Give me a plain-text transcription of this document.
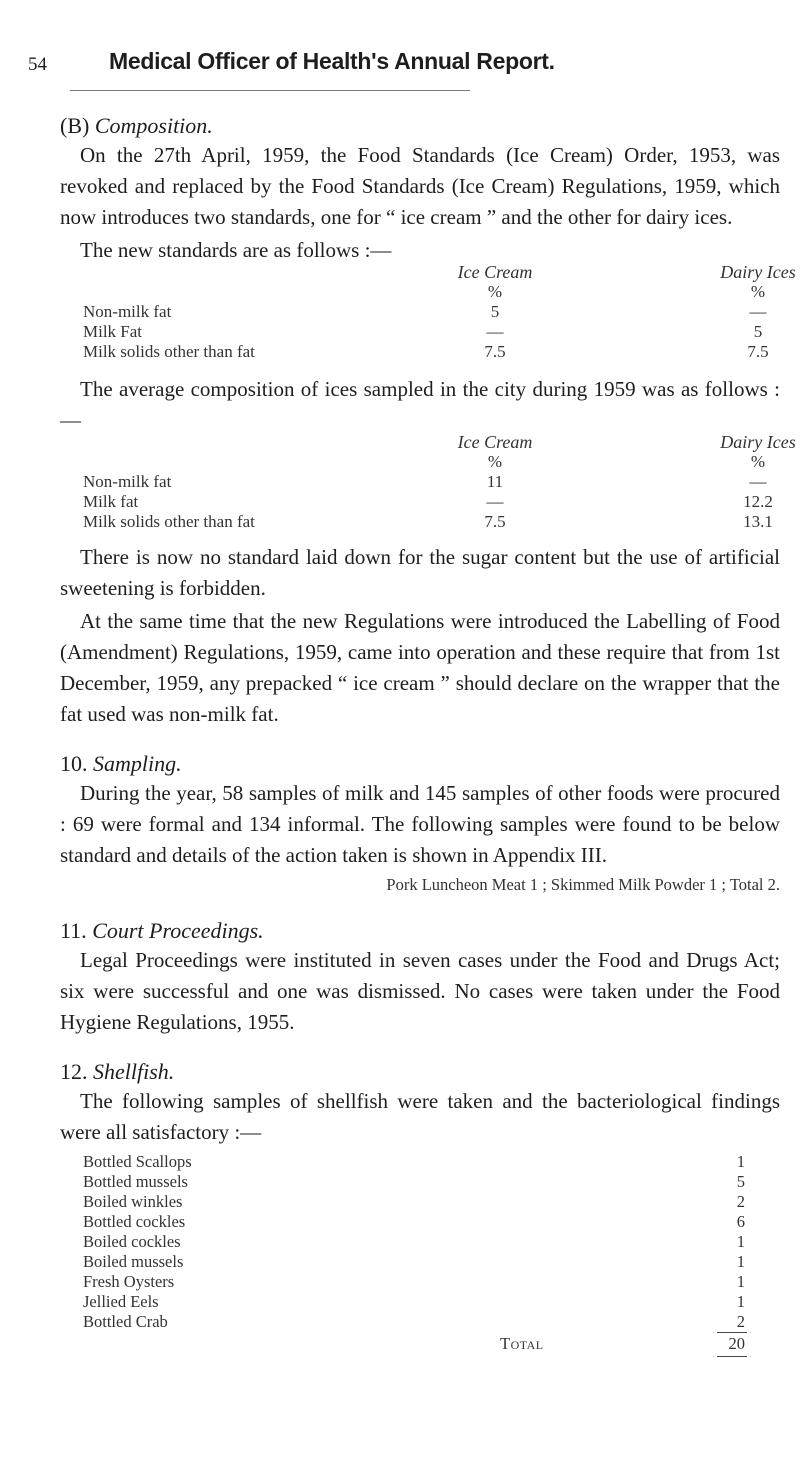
54	Medical Officer of Health's Annual Report.
(B) Composition.

On the 27th April, 1959, the Food Standards (Ice Cream) Order, 1953, was revoked and replaced by the Food Standards (Ice Cream) Regulations, 1959, which now introduces two standards, one for “ ice cream ” and the other for dairy ices.

The new standards are as follows :—

Ice Cream	Dairy Ices
%	%
Non-milk fat	5	—
Milk Fat	—	5
Milk solids other than fat	7.5	7.5

The average composition of ices sampled in the city during 1959 was as follows :—

Ice Cream	Dairy Ices
%	%
Non-milk fat	11	—
Milk fat	—	12.2
Milk solids other than fat	7.5	13.1

There is now no standard laid down for the sugar content but the use of artificial sweetening is forbidden.

At the same time that the new Regulations were introduced the Labelling of Food (Amendment) Regulations, 1959, came into operation and these require that from 1st December, 1959, any prepacked “ ice cream ” should declare on the wrapper that the fat used was non-milk fat.

10. Sampling.

During the year, 58 samples of milk and 145 samples of other foods were procured : 69 were formal and 134 informal. The following samples were found to be below standard and details of the action taken is shown in Appendix III.

Pork Luncheon Meat 1 ; Skimmed Milk Powder 1 ; Total 2.
11. Court Proceedings.

Legal Proceedings were instituted in seven cases under the Food and Drugs Act; six were successful and one was dismissed. No cases were taken under the Food Hygiene Regulations, 1955.

12. Shellfish.

The following samples of shellfish were taken and the bacteriological findings were all satisfactory :—

Bottled Scallops	1
Bottled mussels	5
Boiled winkles	2
Bottled cockles	6
Boiled cockles	1
Boiled mussels	1
Fresh Oysters	1
Jellied Eels	1
Bottled Crab	2
Total	20
